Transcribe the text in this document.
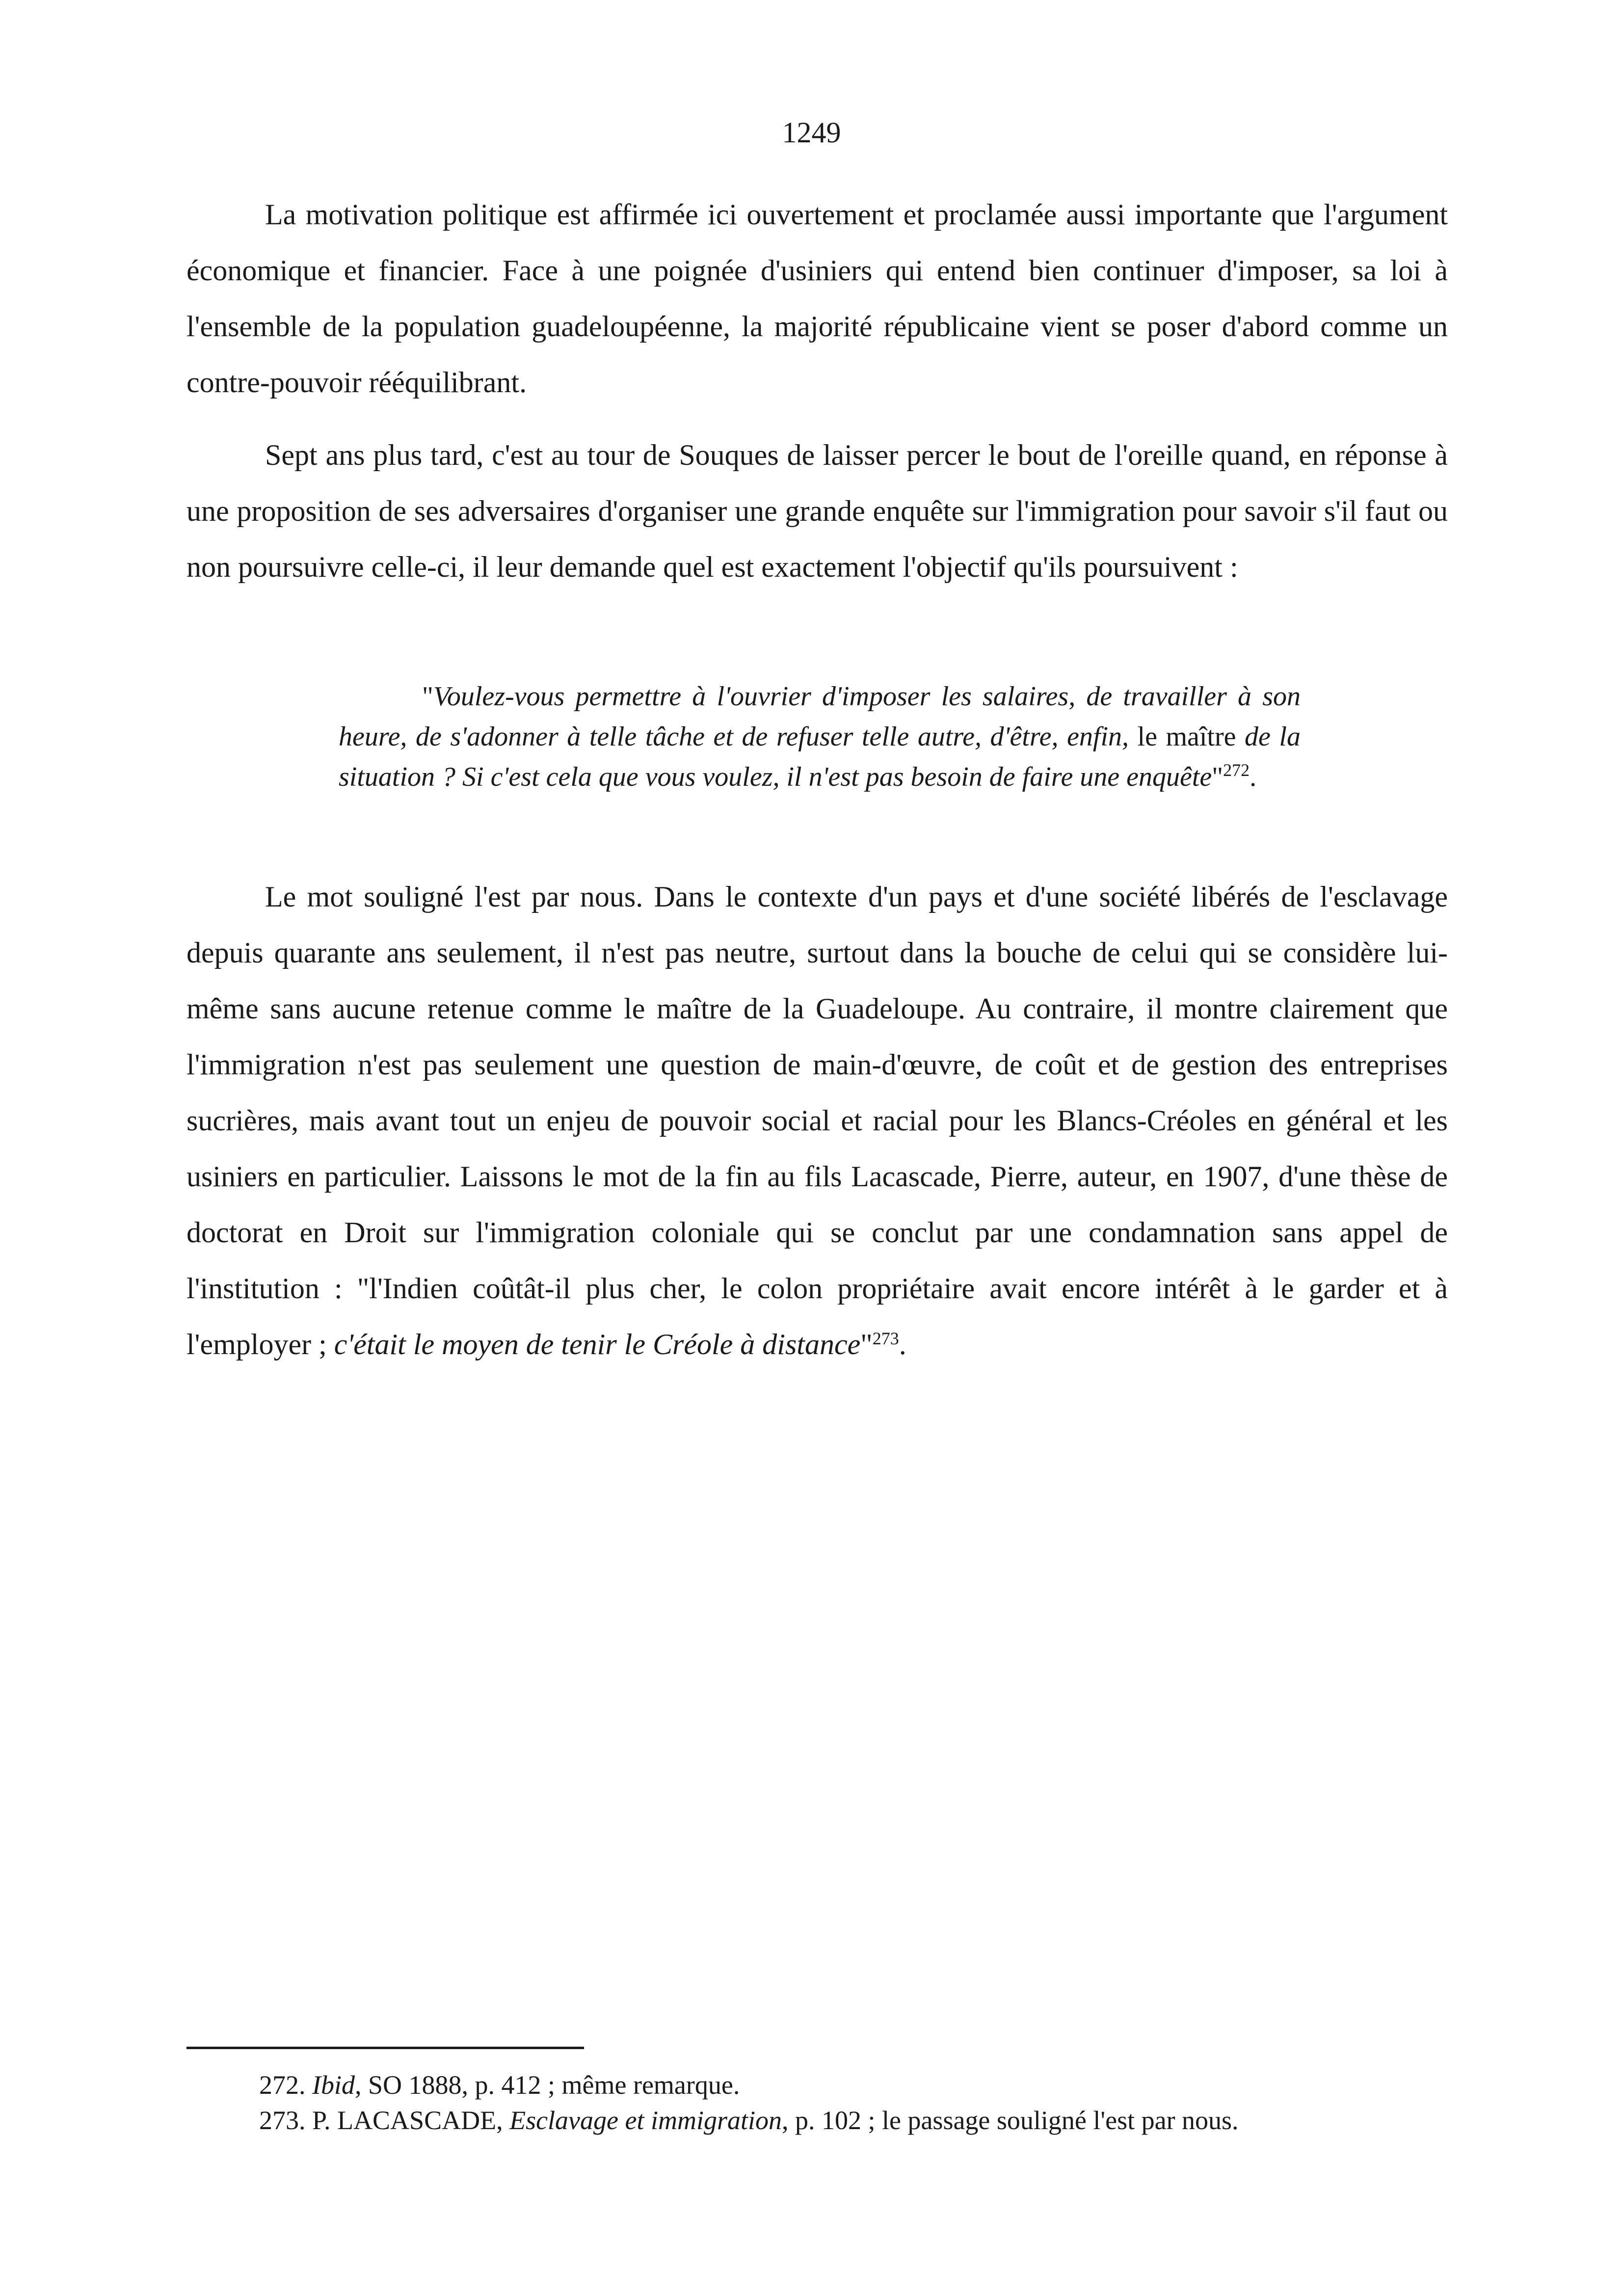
1249

La motivation politique est affirmée ici ouvertement et proclamée aussi importante que l'argument économique et financier. Face à une poignée d'usiniers qui entend bien continuer d'imposer, sa loi à l'ensemble de la population guadeloupéenne, la majorité républicaine vient se poser d'abord comme un contre-pouvoir rééquilibrant.

Sept ans plus tard, c'est au tour de Souques de laisser percer le bout de l'oreille quand, en réponse à une proposition de ses adversaires d'organiser une grande enquête sur l'immigration pour savoir s'il faut ou non poursuivre celle-ci, il leur demande quel est exactement l'objectif qu'ils poursuivent :

"Voulez-vous permettre à l'ouvrier d'imposer les salaires, de travailler à son heure, de s'adonner à telle tâche et de refuser telle autre, d'être, enfin, le maître de la situation ? Si c'est cela que vous voulez, il n'est pas besoin de faire une enquête"$^{272}$.

Le mot souligné l'est par nous. Dans le contexte d'un pays et d'une société libérés de l'esclavage depuis quarante ans seulement, il n'est pas neutre, surtout dans la bouche de celui qui se considère lui-même sans aucune retenue comme le maître de la Guadeloupe. Au contraire, il montre clairement que l'immigration n'est pas seulement une question de main-d'œuvre, de coût et de gestion des entreprises sucrières, mais avant tout un enjeu de pouvoir social et racial pour les Blancs-Créoles en général et les usiniers en particulier. Laissons le mot de la fin au fils Lacascade, Pierre, auteur, en 1907, d'une thèse de doctorat en Droit sur l'immigration coloniale qui se conclut par une condamnation sans appel de l'institution : "l'Indien coûtât-il plus cher, le colon propriétaire avait encore intérêt à le garder et à l'employer ; c'était le moyen de tenir le Créole à distance"$^{273}$.

272. Ibid, SO 1888, p. 412 ; même remarque.
273. P. LACASCADE, Esclavage et immigration, p. 102 ; le passage souligné l'est par nous.
